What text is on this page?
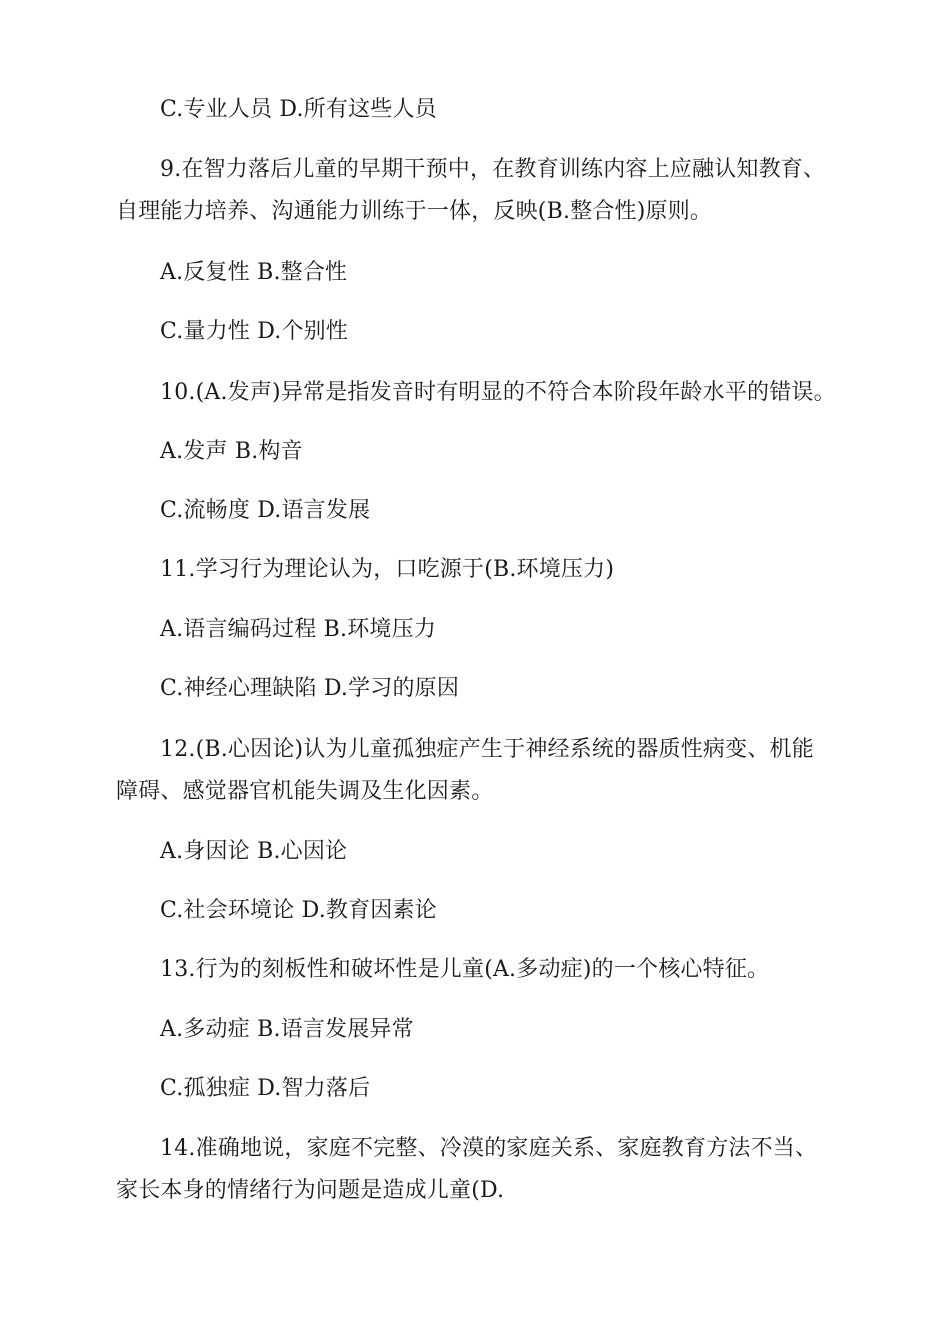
C.专业人员 D.所有这些人员
9.在智力落后儿童的早期干预中，在教育训练内容上应融认知教育、
自理能力培养、沟通能力训练于一体，反映(B.整合性)原则。
A.反复性 B.整合性
C.量力性 D.个别性
10.(A.发声)异常是指发音时有明显的不符合本阶段年龄水平的错误。
A.发声 B.构音
C.流畅度 D.语言发展
11.学习行为理论认为，口吃源于(B.环境压力)
A.语言编码过程 B.环境压力
C.神经心理缺陷 D.学习的原因
12.(B.心因论)认为儿童孤独症产生于神经系统的器质性病变、机能
障碍、感觉器官机能失调及生化因素。
A.身因论 B.心因论
C.社会环境论 D.教育因素论
13.行为的刻板性和破坏性是儿童(A.多动症)的一个核心特征。
A.多动症 B.语言发展异常
C.孤独症 D.智力落后
14.准确地说，家庭不完整、冷漠的家庭关系、家庭教育方法不当、
家长本身的情绪行为问题是造成儿童(D.
